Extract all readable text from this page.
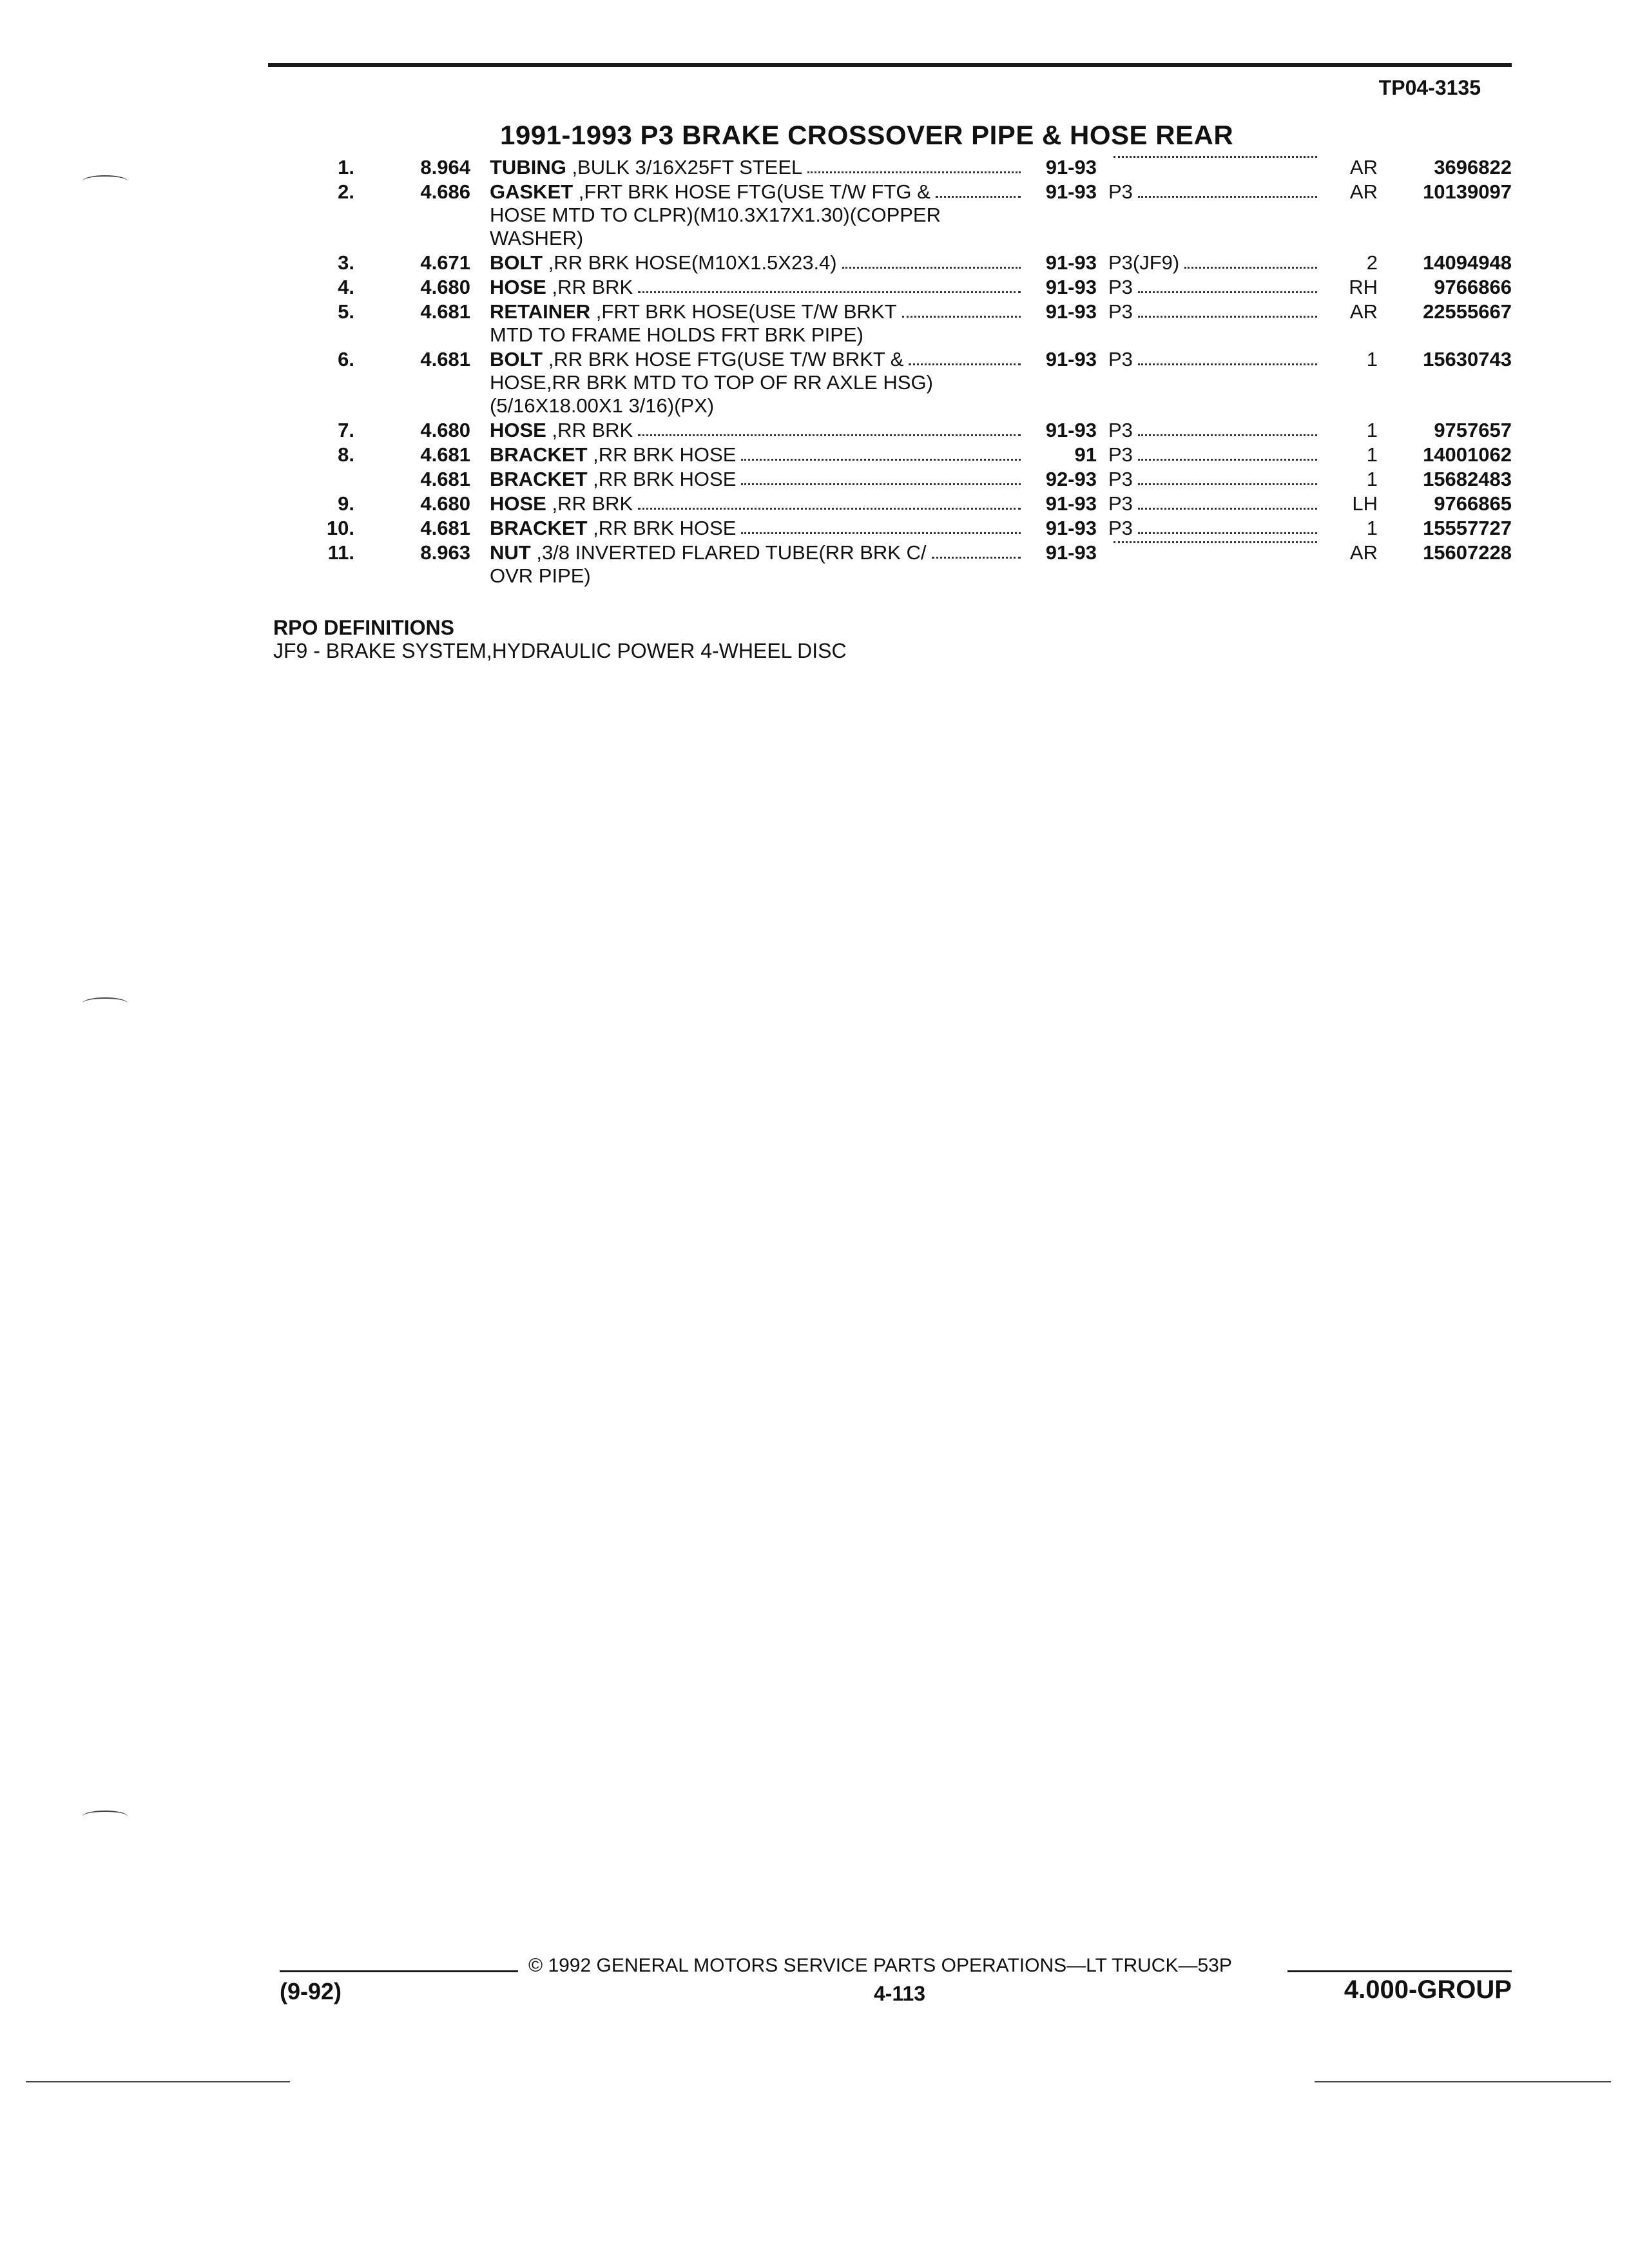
TP04-3135
1991-1993 P3 BRAKE CROSSOVER PIPE & HOSE REAR
1.	8.964 TUBING ,BULK 3/16X25FT STEEL	91-93	AR	3696822
2.	4.686 GASKET ,FRT BRK HOSE FTG(USE T/W FTG &
HOSE MTD TO CLPR)(M10.3X17X1.30)(COPPER
WASHER)
91-93 P3	AR	10139097
3.	4.671 BOLT ,RR BRK HOSE(M10X1.5X23.4)	91-93 P3(JF9)	2	14094948
4.	4.680 HOSE ,RR BRK	91-93 P3	RH	9766866
5.	4.681 RETAINER ,FRT BRK HOSE(USE T/W BRKT
MTD TO FRAME HOLDS FRT BRK PIPE)
91-93 P3	AR	22555667
6.	4.681 BOLT ,RR BRK HOSE FTG(USE T/W BRKT &
HOSE,RR BRK MTD TO TOP OF RR AXLE HSG)
(5/16X18.00X1 3/16)(PX)
91-93 P3	1	15630743
7.	4.680 HOSE ,RR BRK	91-93 P3	1	9757657
8.	4.681 BRACKET ,RR BRK HOSE	91 P3	1	14001062
4.681 BRACKET ,RR BRK HOSE	92-93 P3	1	15682483
9.	4.680 HOSE ,RR BRK	91-93 P3	LH	9766865
10.	4.681 BRACKET ,RR BRK HOSE	91-93 P3	1	15557727
11.	8.963 NUT ,3/8 INVERTED FLARED TUBE(RR BRK C/
OVR PIPE)
91-93	AR	15607228
RPO DEFINITIONS
JF9 - BRAKE SYSTEM,HYDRAULIC POWER 4-WHEEL DISC
© 1992 GENERAL MOTORS SERVICE PARTS OPERATIONS—LT TRUCK—53P
(9-92)	4-113	4.000-GROUP
